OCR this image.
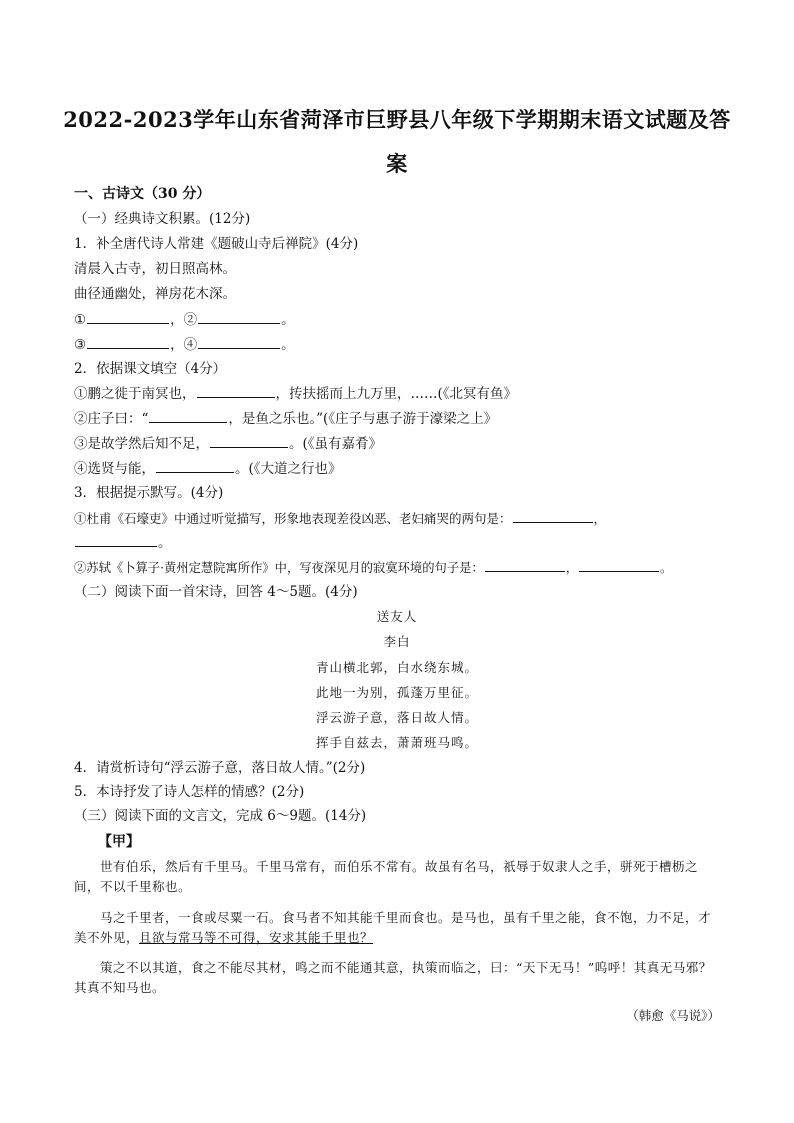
2022-2023学年山东省菏泽市巨野县八年级下学期期末语文试题及答
案
一、古诗文（30 分）
（一）经典诗文积累。(12分)
1．补全唐代诗人常建《题破山寺后禅院》(4分)
清晨入古寺，初日照高林。
曲径通幽处，禅房花木深。
①	，②	。
③	，④	。
2．依据课文填空（4分）
①鹏之徙于南冥也，	，抟扶摇而上九万里，……(《北冥有鱼》
②庄子曰：“	，是鱼之乐也。”(《庄子与惠子游于濠梁之上》
③是故学然后知不足，	。(《虽有嘉肴》
④选贤与能，	。(《大道之行也》
3．根据提示默写。(4分)
①杜甫《石壕吏》中通过听觉描写，形象地表现差役凶恶、老妇痛哭的两句是：	，
。
②苏轼《卜算子·黄州定慧院寓所作》中，写夜深见月的寂寞环境的句子是：	，	。
（二）阅读下面一首宋诗，回答 4～5题。(4分)
送友人
李白
青山横北郭，白水绕东城。
此地一为别，孤蓬万里征。
浮云游子意，落日故人情。
挥手自兹去，萧萧班马鸣。
4．请赏析诗句“浮云游子意，落日故人情。”(2分)
5．本诗抒发了诗人怎样的情感？(2分)
（三）阅读下面的文言文，完成 6～9题。(14分)
【甲】
世有伯乐，然后有千里马。千里马常有，而伯乐不常有。故虽有名马，祇辱于奴隶人之手，骈死于槽枥之间，不以千里称也。
马之千里者，一食或尽粟一石。食马者不知其能千里而食也。是马也，虽有千里之能，食不饱，力不足，才美不外见，且欲与常马等不可得，安求其能千里也？
策之不以其道，食之不能尽其材，鸣之而不能通其意，执策而临之，曰：“天下无马！”呜呼！其真无马邪？其真不知马也。
（韩愈《马说》）
